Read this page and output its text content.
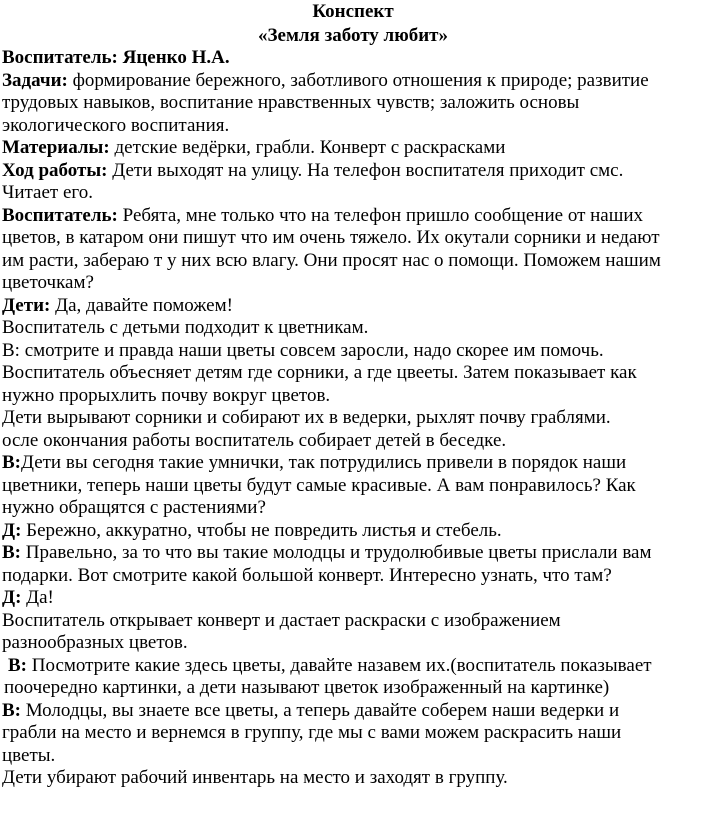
Конспект
«Земля заботу любит»
Воспитатель: Яценко Н.А.
Задачи: формирование бережного, заботливого отношения к природе; развитие
трудовых навыков, воспитание нравственных чувств; заложить основы
экологического воспитания.
Материалы: детские ведёрки, грабли. Конверт с раскрасками
Ход работы: Дети выходят на улицу. На телефон воспитателя приходит смс.
Читает его.
Воспитатель: Ребята, мне только что на телефон пришло сообщение от наших
цветов, в катаром они пишут что им очень тяжело. Их окутали сорники и недают
им расти, забераю т у них всю влагу. Они просят нас о помощи. Поможем нашим
цветочкам?
Дети: Да, давайте поможем!
Воспитатель с детьми подходит к цветникам.
В: смотрите и правда наши цветы совсем заросли, надо скорее им помочь.
Воспитатель объесняет детям где сорники, а где цвееты. Затем показывает как
нужно прорыхлить почву вокруг цветов.
Дети вырывают сорники и собирают их в ведерки, рыхлят почву граблями.
осле окончания работы воспитатель собирает детей в беседке.
В:Дети вы сегодня такие умнички, так потрудились привели в порядок наши
цветники, теперь наши цветы будут самые красивые. А вам понравилось? Как
нужно обращятся с растениями?
Д: Бережно, аккуратно, чтобы не повредить листья и стебель.
В: Правельно, за то что вы такие молодцы и трудолюбивые цветы прислали вам
подарки. Вот смотрите какой большой конверт. Интересно узнать, что там?
Д: Да!
Воспитатель открывает конверт и дастает раскраски с изображением
разнообразных цветов.
В: Посмотрите какие здесь цветы, давайте назавем их.(воспитатель показывает
поочередно картинки, а дети называют цветок изображенный на картинке)
В: Молодцы, вы знаете все цветы, а теперь давайте соберем наши ведерки и
грабли на место и вернемся в группу, где мы с вами можем раскрасить наши
цветы.
Дети убирают рабочий инвентарь на место и заходят в группу.
